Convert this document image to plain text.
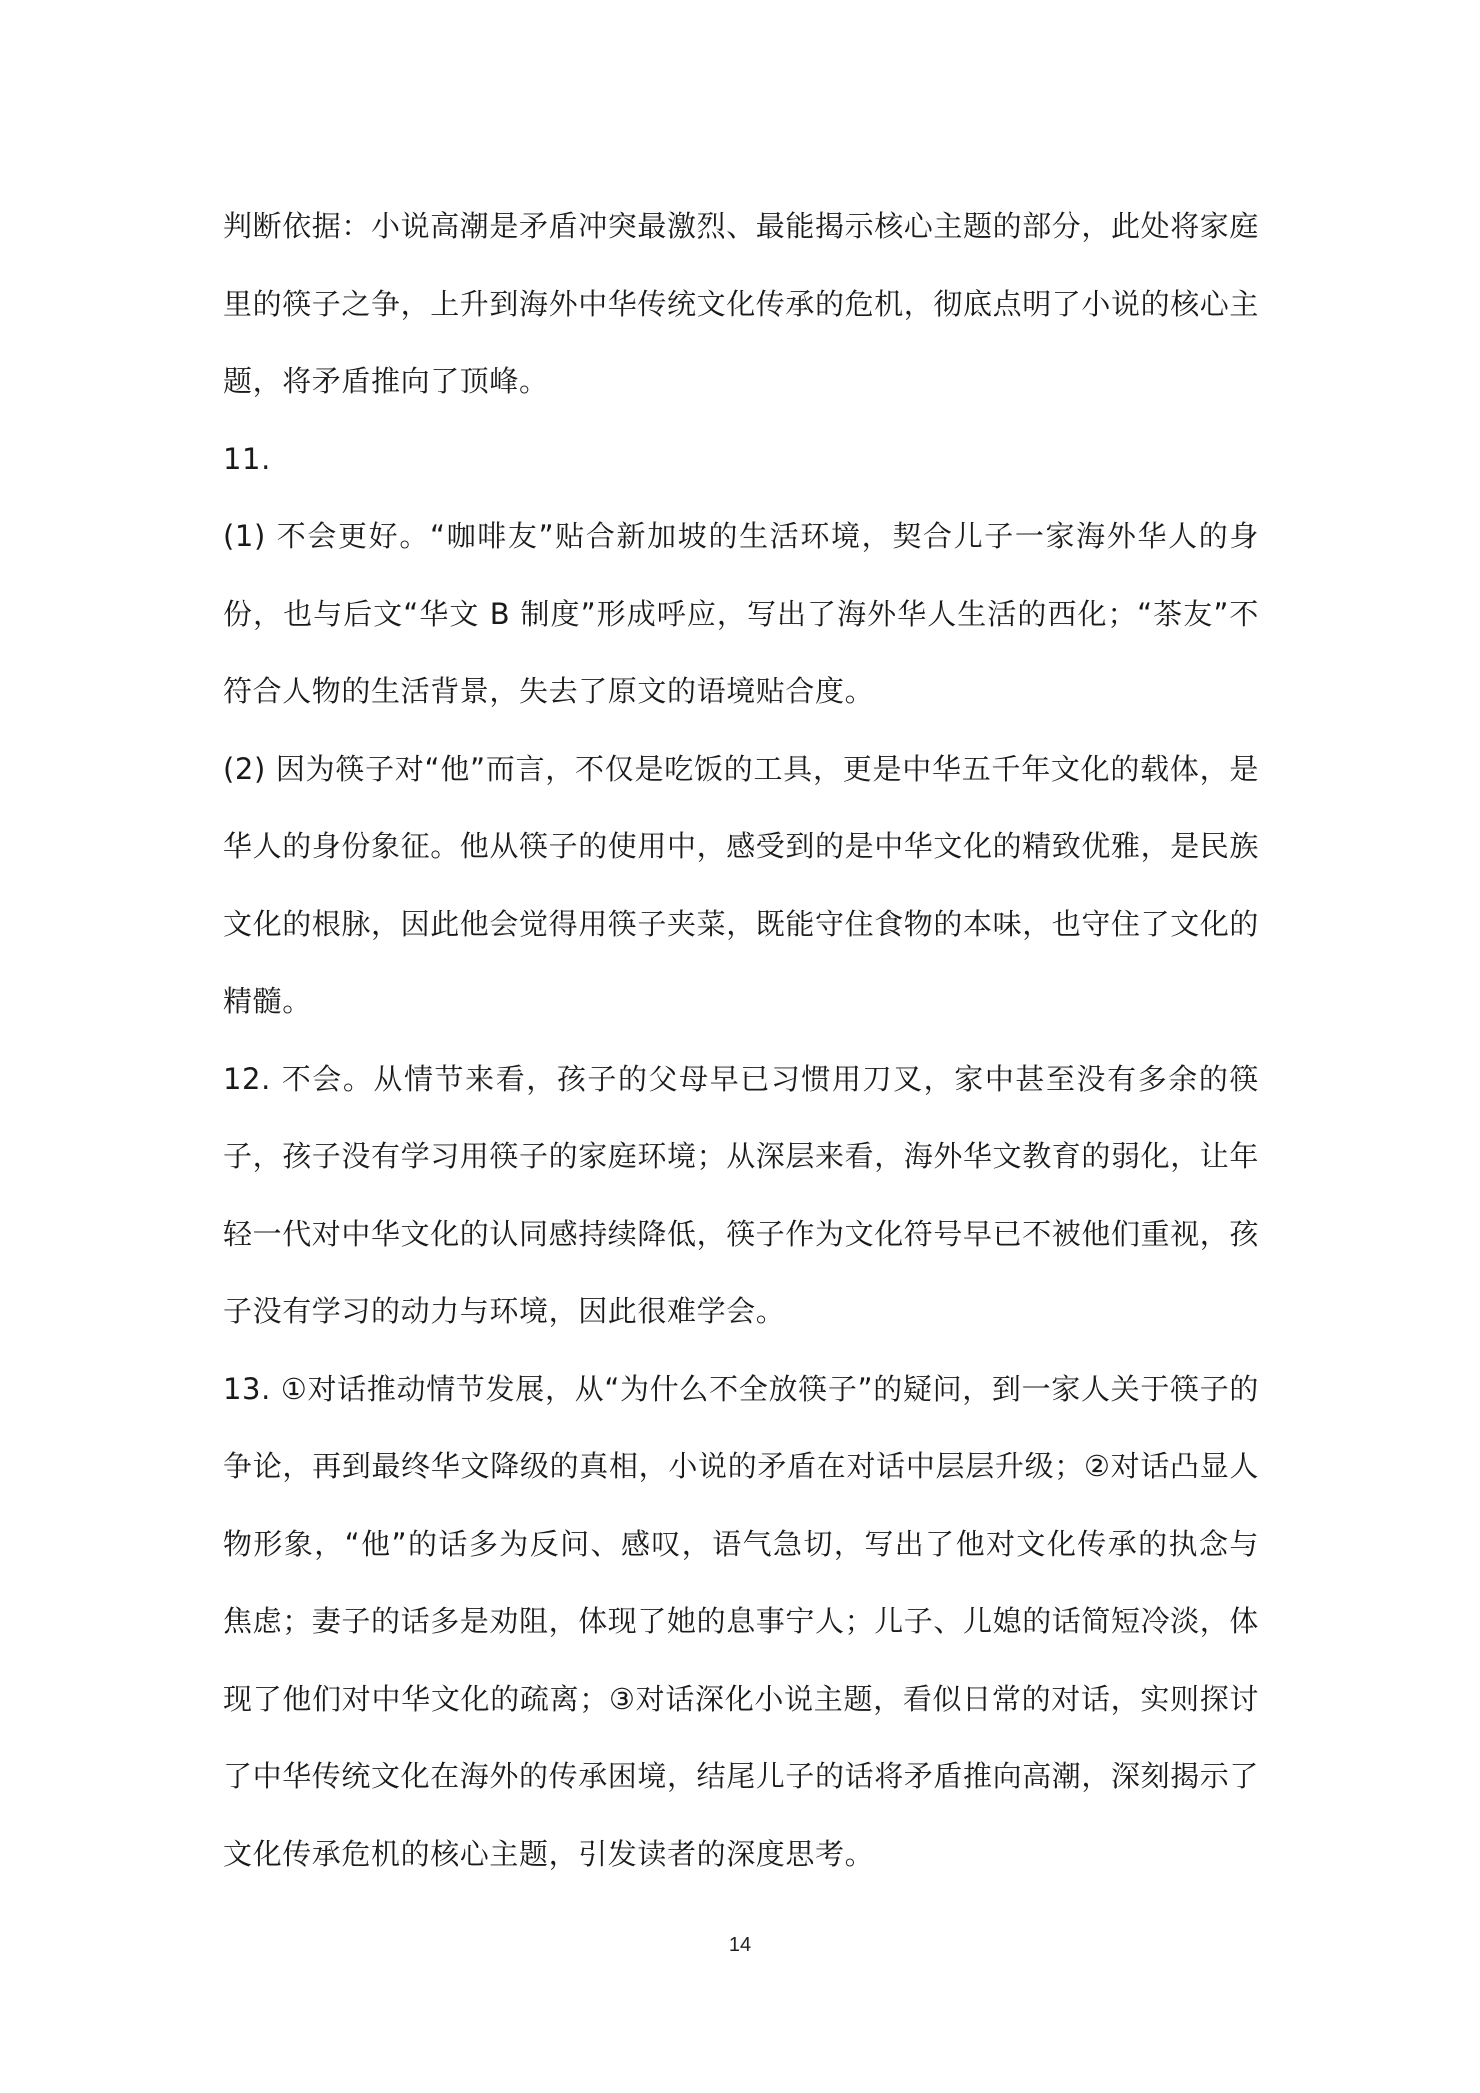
判断依据：小说高潮是矛盾冲突最激烈、最能揭示核心主题的部分，此处将家庭里的筷子之争，上升到海外中华传统文化传承的危机，彻底点明了小说的核心主题，将矛盾推向了顶峰。

11.

(1) 不会更好。“咖啡友”贴合新加坡的生活环境，契合儿子一家海外华人的身份，也与后文“华文 B 制度”形成呼应，写出了海外华人生活的西化；“茶友”不符合人物的生活背景，失去了原文的语境贴合度。

(2) 因为筷子对“他”而言，不仅是吃饭的工具，更是中华五千年文化的载体，是华人的身份象征。他从筷子的使用中，感受到的是中华文化的精致优雅，是民族文化的根脉，因此他会觉得用筷子夹菜，既能守住食物的本味，也守住了文化的精髓。

12. 不会。从情节来看，孩子的父母早已习惯用刀叉，家中甚至没有多余的筷子，孩子没有学习用筷子的家庭环境；从深层来看，海外华文教育的弱化，让年轻一代对中华文化的认同感持续降低，筷子作为文化符号早已不被他们重视，孩子没有学习的动力与环境，因此很难学会。

13. ①对话推动情节发展，从“为什么不全放筷子”的疑问，到一家人关于筷子的争论，再到最终华文降级的真相，小说的矛盾在对话中层层升级；②对话凸显人物形象，“他”的话多为反问、感叹，语气急切，写出了他对文化传承的执念与焦虑；妻子的话多是劝阻，体现了她的息事宁人；儿子、儿媳的话简短冷淡，体现了他们对中华文化的疏离；③对话深化小说主题，看似日常的对话，实则探讨了中华传统文化在海外的传承困境，结尾儿子的话将矛盾推向高潮，深刻揭示了文化传承危机的核心主题，引发读者的深度思考。

14
